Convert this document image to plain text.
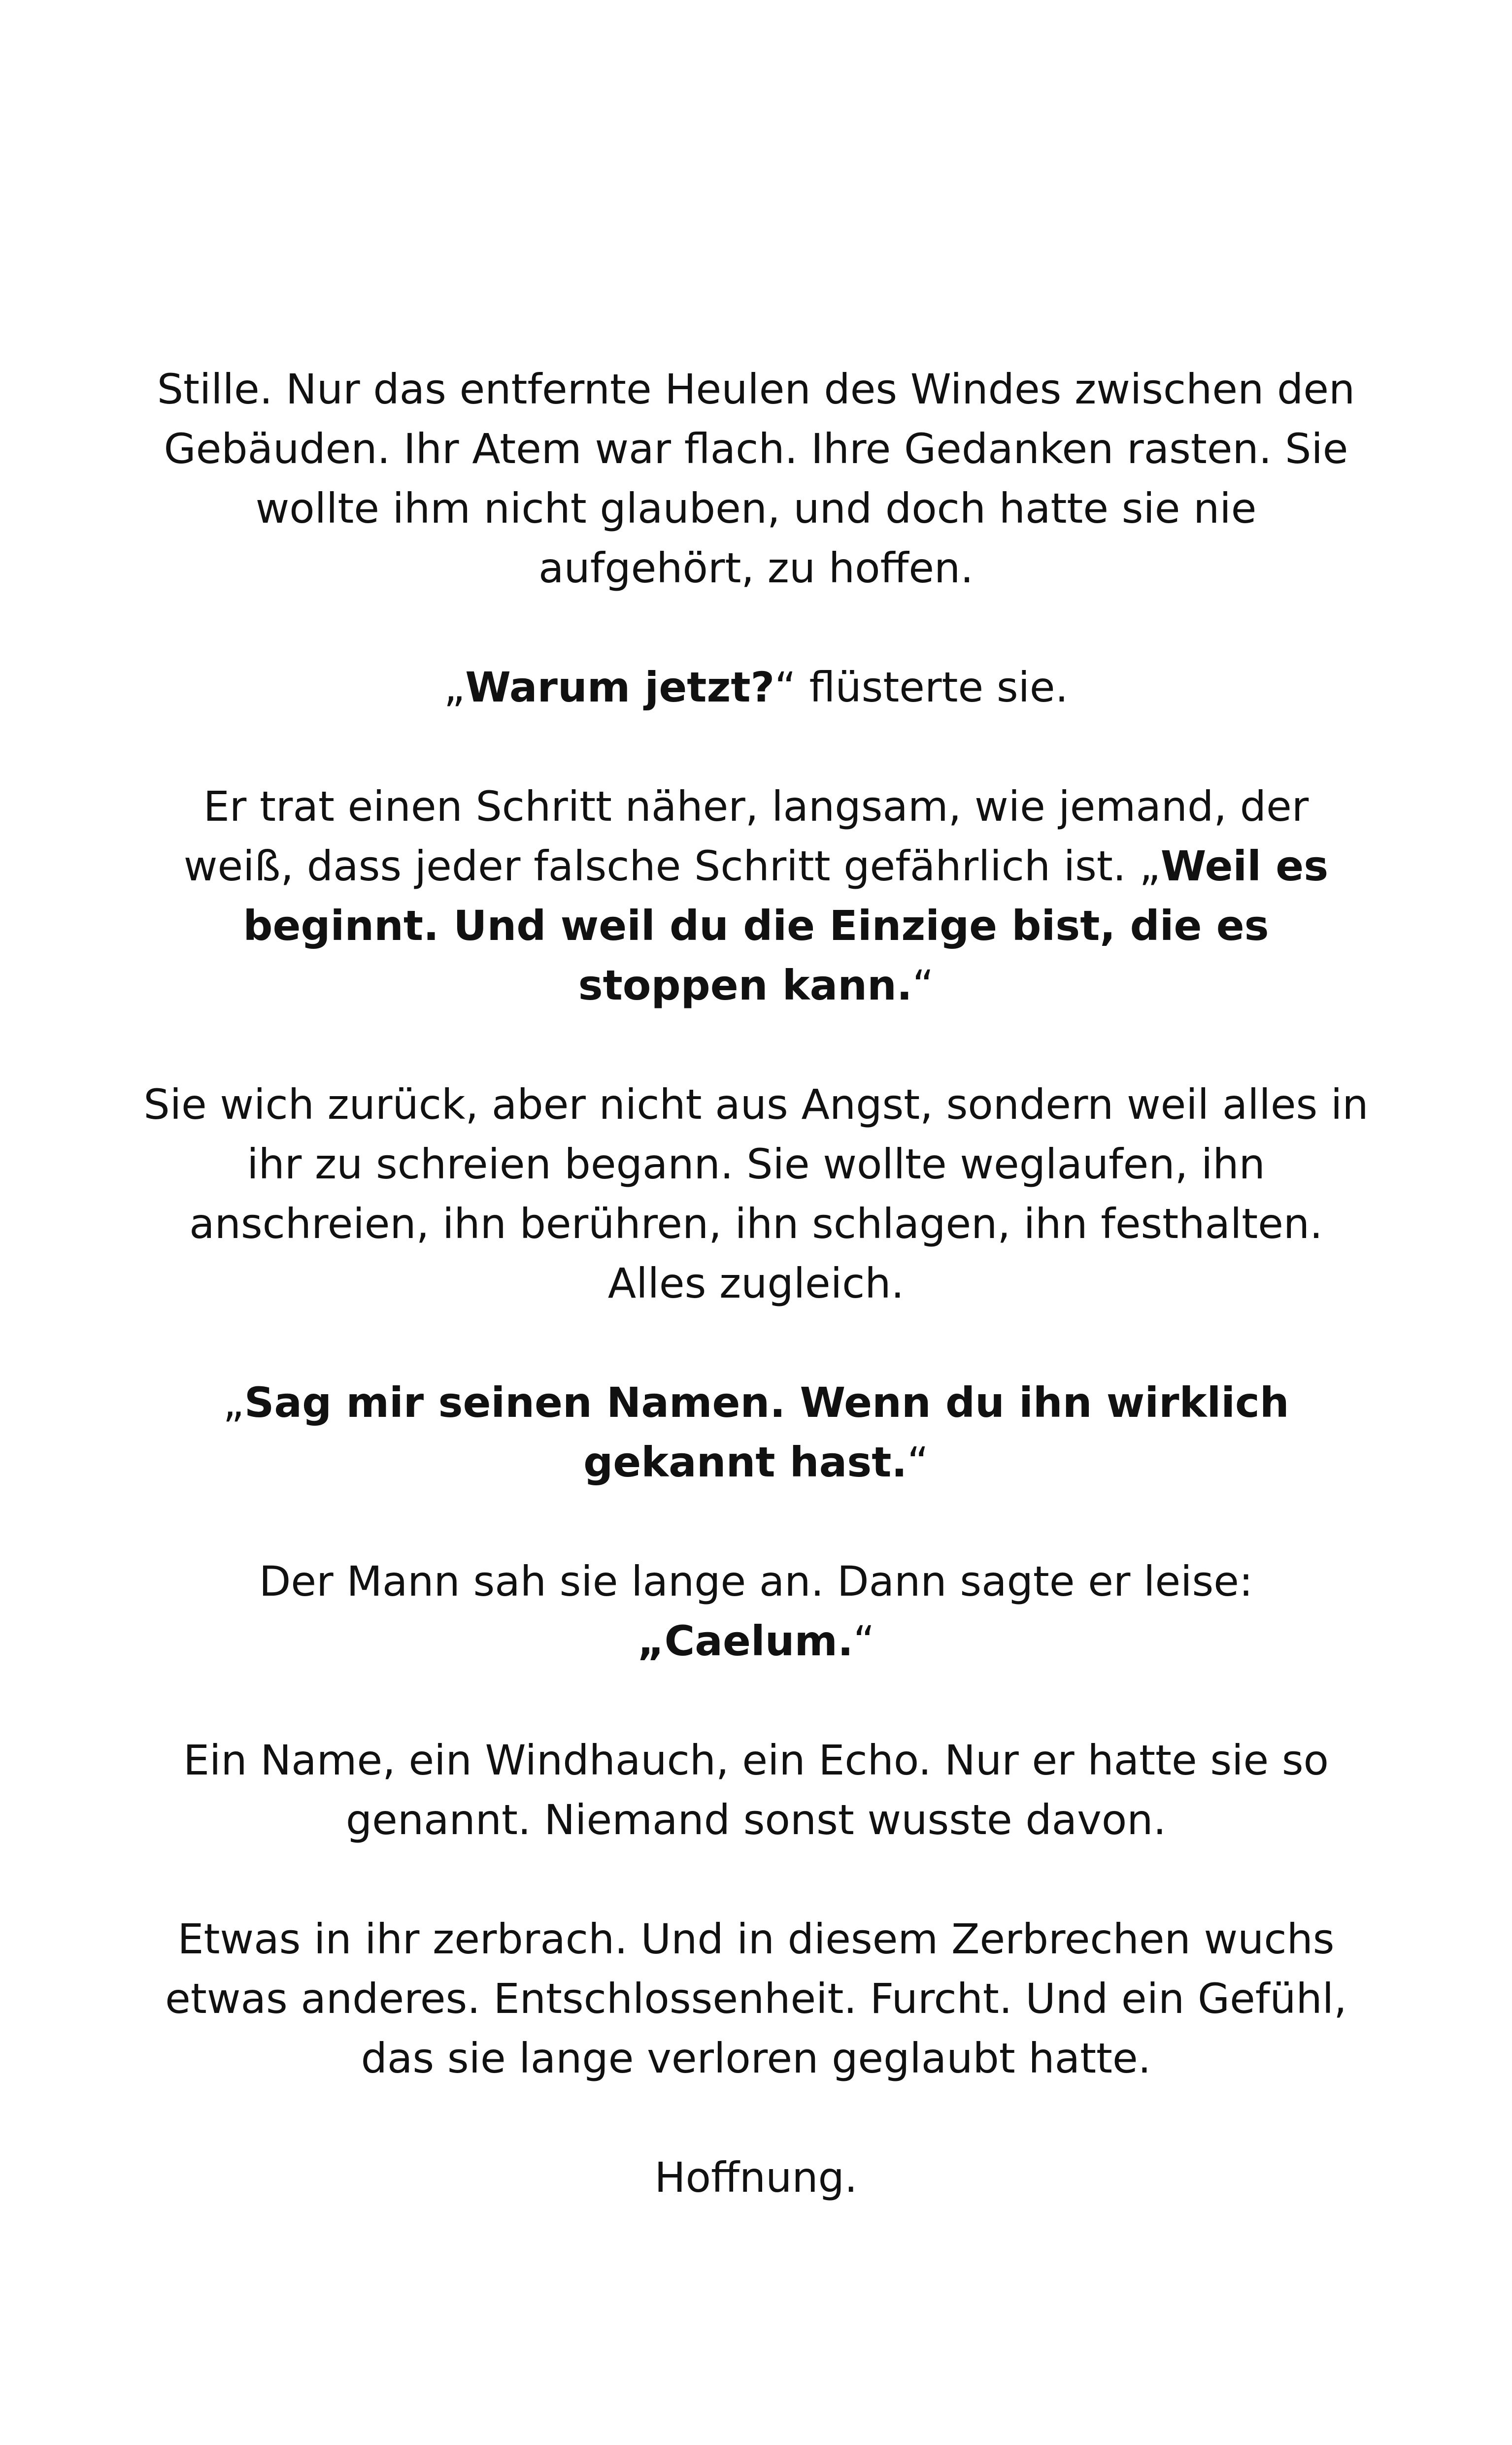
Stille. Nur das entfernte Heulen des Windes zwischen den Gebäuden. Ihr Atem war flach. Ihre Gedanken rasten. Sie wollte ihm nicht glauben, und doch hatte sie nie aufgehört, zu hoffen.

„Warum jetzt?“ flüsterte sie.

Er trat einen Schritt näher, langsam, wie jemand, der weiß, dass jeder falsche Schritt gefährlich ist. „Weil es beginnt. Und weil du die Einzige bist, die es stoppen kann.“

Sie wich zurück, aber nicht aus Angst, sondern weil alles in ihr zu schreien begann. Sie wollte weglaufen, ihn anschreien, ihn berühren, ihn schlagen, ihn festhalten. Alles zugleich.

„Sag mir seinen Namen. Wenn du ihn wirklich gekannt hast.“

Der Mann sah sie lange an. Dann sagte er leise: „Caelum.“

Ein Name, ein Windhauch, ein Echo. Nur er hatte sie so genannt. Niemand sonst wusste davon.

Etwas in ihr zerbrach. Und in diesem Zerbrechen wuchs etwas anderes. Entschlossenheit. Furcht. Und ein Gefühl, das sie lange verloren geglaubt hatte.

Hoffnung.
